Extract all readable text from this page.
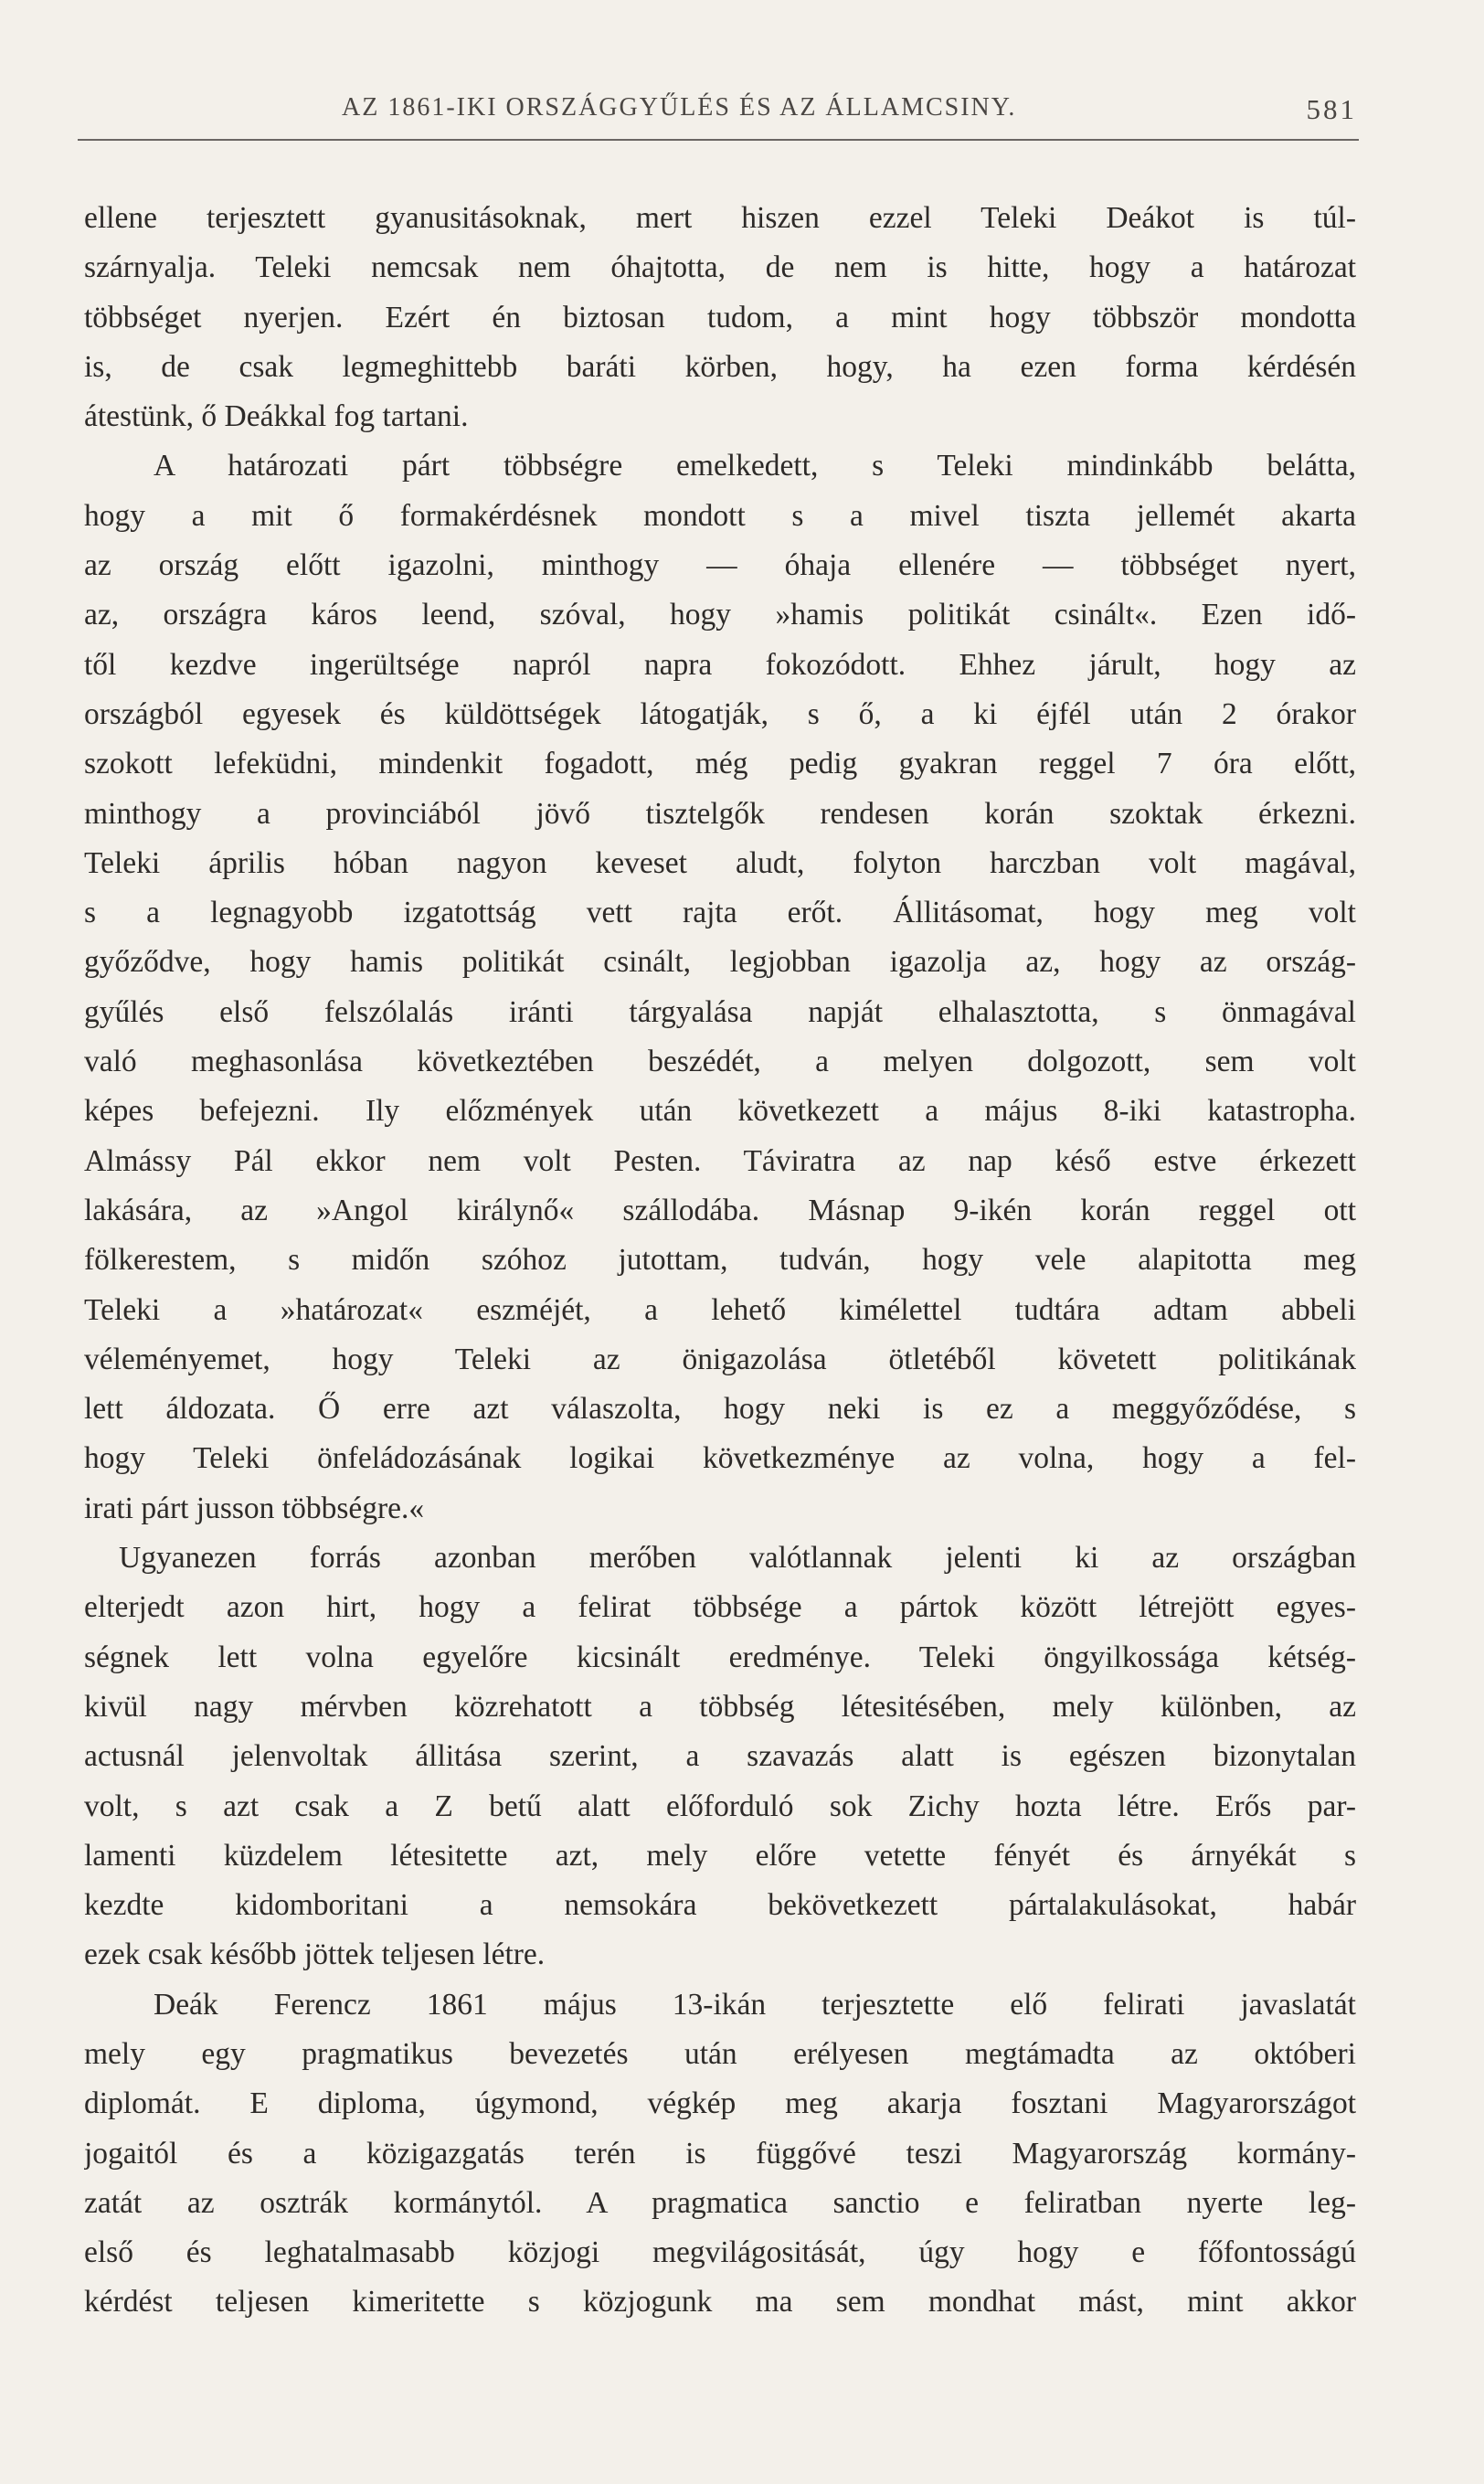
AZ 1861-IKI ORSZÁGGYŰLÉS ÉS AZ ÁLLAMCSINY.	581
ellene terjesztett gyanusitásoknak, mert hiszen ezzel Teleki Deákot is túl-
szárnyalja. Teleki nemcsak nem óhajtotta, de nem is hitte, hogy a határozat
többséget nyerjen. Ezért én biztosan tudom, a mint hogy többször mondotta
is, de csak legmeghittebb baráti körben, hogy, ha ezen forma kérdésén
átestünk, ő Deákkal fog tartani.
A határozati párt többségre emelkedett, s Teleki mindinkább belátta,
hogy a mit ő formakérdésnek mondott s a mivel tiszta jellemét akarta
az ország előtt igazolni, minthogy — óhaja ellenére — többséget nyert,
az, országra káros leend, szóval, hogy »hamis politikát csinált«. Ezen idő-
től kezdve ingerültsége napról napra fokozódott. Ehhez járult, hogy az
országból egyesek és küldöttségek látogatják, s ő, a ki éjfél után 2 órakor
szokott lefeküdni, mindenkit fogadott, még pedig gyakran reggel 7 óra előtt,
minthogy a provinciából jövő tisztelgők rendesen korán szoktak érkezni.
Teleki április hóban nagyon keveset aludt, folyton harczban volt magával,
s a legnagyobb izgatottság vett rajta erőt. Állitásomat, hogy meg volt
győződve, hogy hamis politikát csinált, legjobban igazolja az, hogy az ország-
gyűlés első felszólalás iránti tárgyalása napját elhalasztotta, s önmagával
való meghasonlása következtében beszédét, a melyen dolgozott, sem volt
képes befejezni. Ily előzmények után következett a május 8-iki katastropha.
Almássy Pál ekkor nem volt Pesten. Táviratra az nap késő estve érkezett
lakására, az »Angol királynő« szállodába. Másnap 9-ikén korán reggel ott
fölkerestem, s midőn szóhoz jutottam, tudván, hogy vele alapitotta meg
Teleki a »határozat« eszméjét, a lehető kimélettel tudtára adtam abbeli
véleményemet, hogy Teleki az önigazolása ötletéből követett politikának
lett áldozata. Ő erre azt válaszolta, hogy neki is ez a meggyőződése, s
hogy Teleki önfeládozásának logikai következménye az volna, hogy a fel-
irati párt jusson többségre.«
Ugyanezen forrás azonban merőben valótlannak jelenti ki az országban
elterjedt azon hirt, hogy a felirat többsége a pártok között létrejött egyes-
ségnek lett volna egyelőre kicsinált eredménye. Teleki öngyilkossága kétség-
kivül nagy mérvben közrehatott a többség létesitésében, mely különben, az
actusnál jelenvoltak állitása szerint, a szavazás alatt is egészen bizonytalan
volt, s azt csak a Z betű alatt előforduló sok Zichy hozta létre. Erős par-
lamenti küzdelem létesitette azt, mely előre vetette fényét és árnyékát s
kezdte kidomboritani a nemsokára bekövetkezett pártalakulásokat, habár
ezek csak később jöttek teljesen létre.
Deák Ferencz 1861 május 13-ikán terjesztette elő felirati javaslatát
mely egy pragmatikus bevezetés után erélyesen megtámadta az októberi
diplomát. E diploma, úgymond, végkép meg akarja fosztani Magyarországot
jogaitól és a közigazgatás terén is függővé teszi Magyarország kormány-
zatát az osztrák kormánytól. A pragmatica sanctio e feliratban nyerte leg-
első és leghatalmasabb közjogi megvilágositását, úgy hogy e főfontosságú
kérdést teljesen kimeritette s közjogunk ma sem mondhat mást, mint akkor
